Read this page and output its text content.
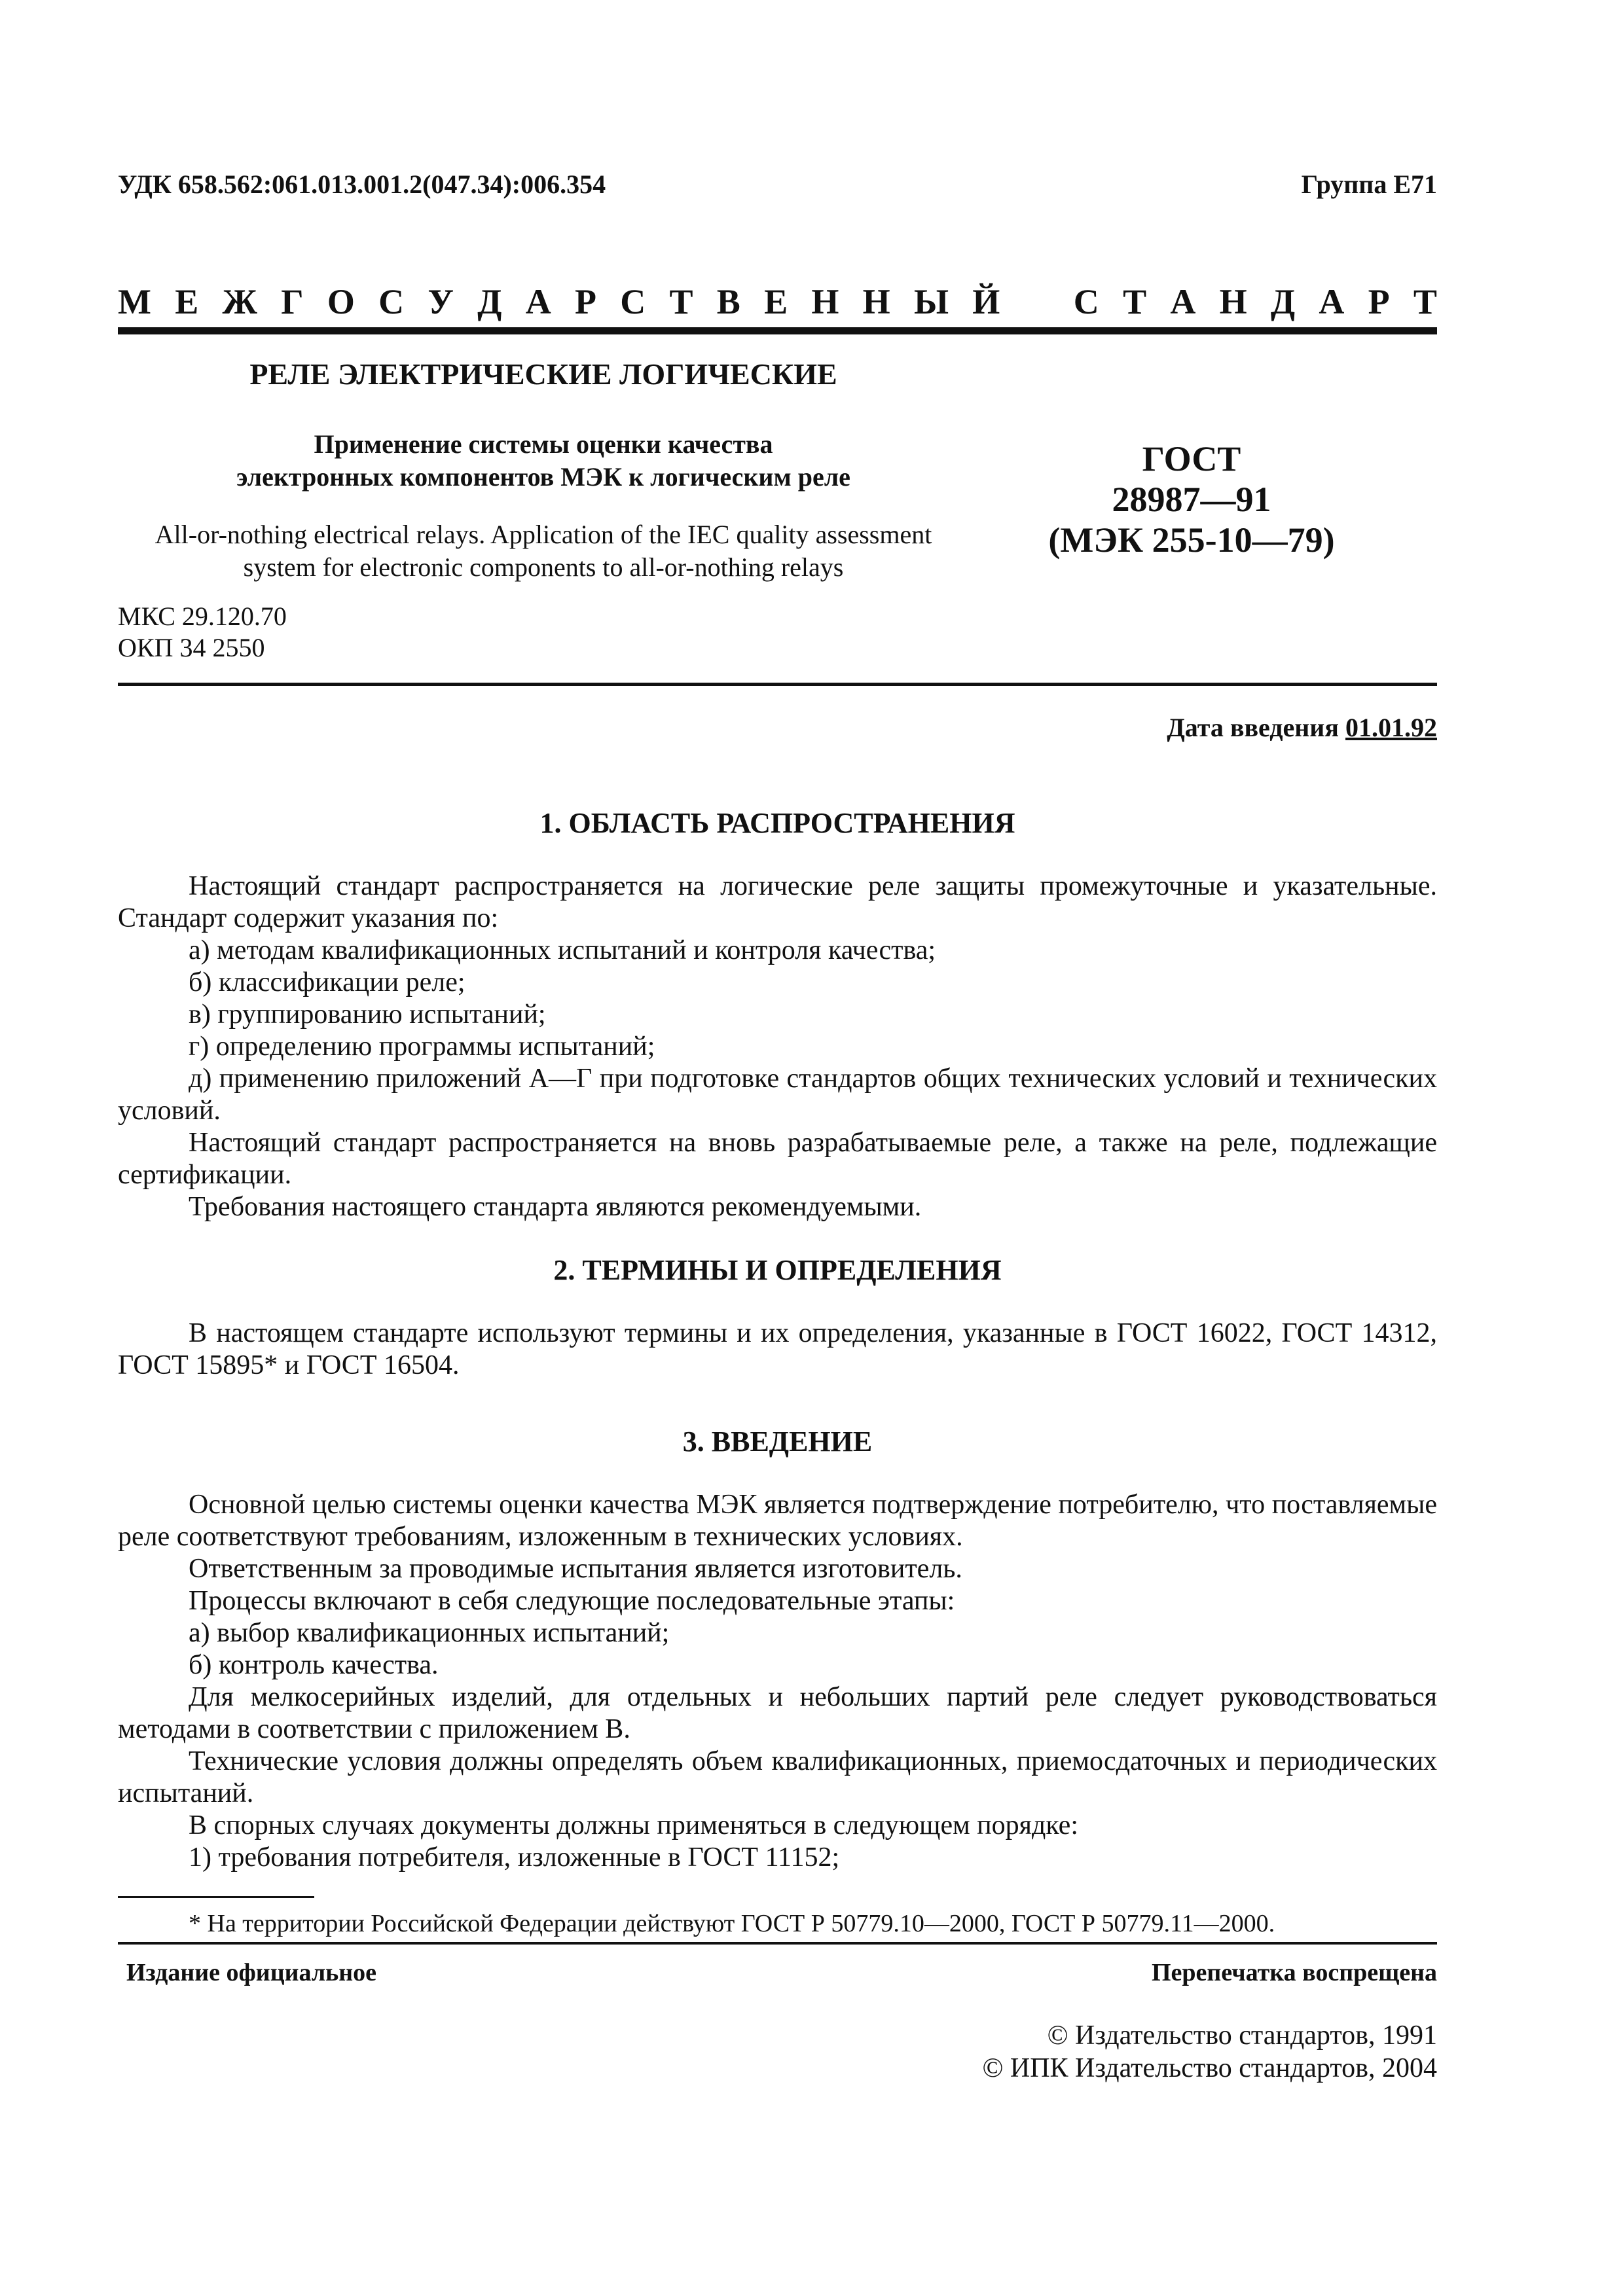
УДК 658.562:061.013.001.2(047.34):006.354	Группа Е71
М Е Ж Г О С У Д А Р С Т В Е Н Н Ы Й С Т А Н Д А Р Т
РЕЛЕ ЭЛЕКТРИЧЕСКИЕ ЛОГИЧЕСКИЕ
Применение системы оценки качества
электронных компонентов МЭК к логическим реле
All-or-nothing electrical relays. Application of the IEC quality assessment
system for electronic components to all-or-nothing relays
ГОСТ
28987—91
(МЭК 255-10—79)
МКС 29.120.70
ОКП 34 2550
Дата введения 01.01.92
1. ОБЛАСТЬ РАСПРОСТРАНЕНИЯ

Настоящий стандарт распространяется на логические реле защиты промежуточные и указательные. Стандарт содержит указания по:

а) методам квалификационных испытаний и контроля качества;

б) классификации реле;

в) группированию испытаний;

г) определению программы испытаний;

д) применению приложений А—Г при подготовке стандартов общих технических условий и технических условий.

Настоящий стандарт распространяется на вновь разрабатываемые реле, а также на реле, подлежащие сертификации.

Требования настоящего стандарта являются рекомендуемыми.

2. ТЕРМИНЫ И ОПРЕДЕЛЕНИЯ

В настоящем стандарте используют термины и их определения, указанные в ГОСТ 16022, ГОСТ 14312, ГОСТ 15895* и ГОСТ 16504.

3. ВВЕДЕНИЕ

Основной целью системы оценки качества МЭК является подтверждение потребителю, что поставляемые реле соответствуют требованиям, изложенным в технических условиях.

Ответственным за проводимые испытания является изготовитель.

Процессы включают в себя следующие последовательные этапы:

а) выбор квалификационных испытаний;

б) контроль качества.

Для мелкосерийных изделий, для отдельных и небольших партий реле следует руководствоваться методами в соответствии с приложением В.

Технические условия должны определять объем квалификационных, приемосдаточных и периодических испытаний.

В спорных случаях документы должны применяться в следующем порядке:

1) требования потребителя, изложенные в ГОСТ 11152;

* На территории Российской Федерации действуют ГОСТ Р 50779.10—2000, ГОСТ Р 50779.11—2000.
Издание официальное	Перепечатка воспрещена
© Издательство стандартов, 1991
© ИПК Издательство стандартов, 2004
